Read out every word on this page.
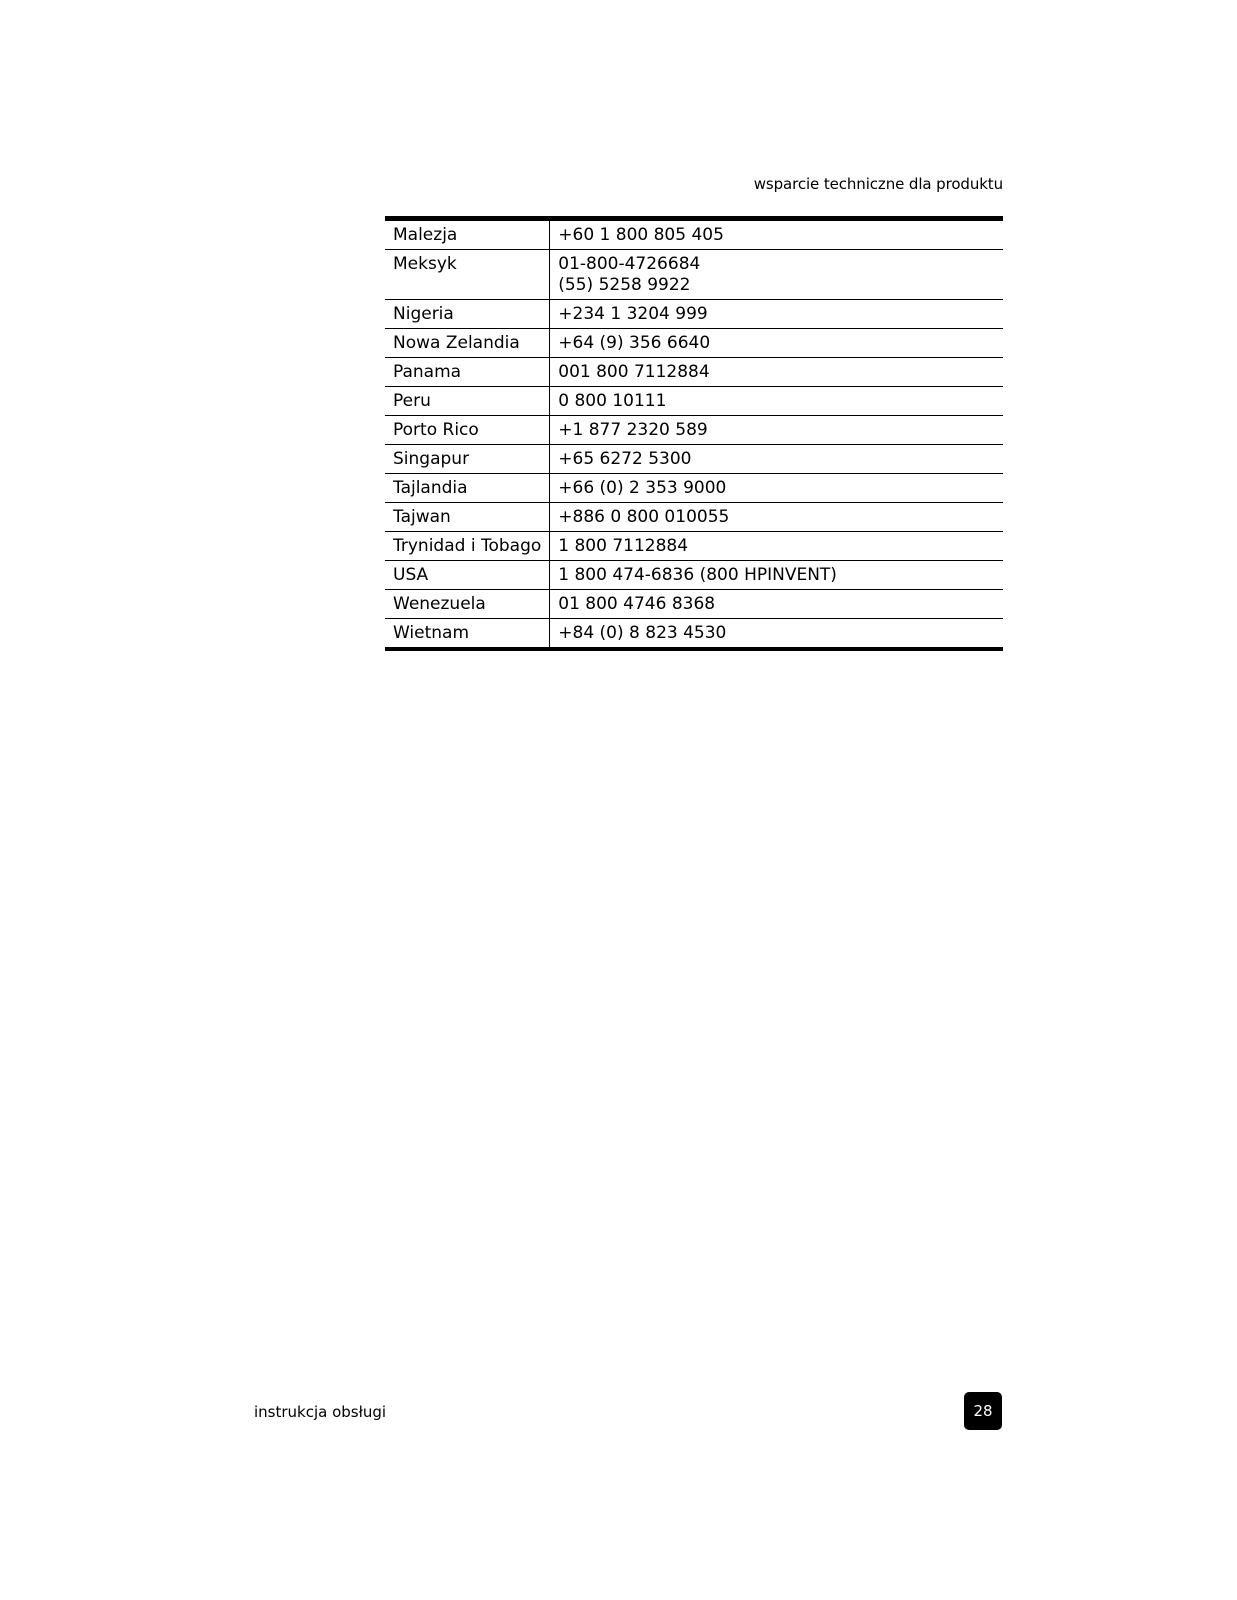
wsparcie techniczne dla produktu
Malezja	+60 1 800 805 405

Meksyk	01-800-4726684
(55) 5258 9922

Nigeria	+234 1 3204 999

Nowa Zelandia	+64 (9) 356 6640

Panama	001 800 7112884

Peru	0 800 10111

Porto Rico	+1 877 2320 589

Singapur	+65 6272 5300

Tajlandia	+66 (0) 2 353 9000

Tajwan	+886 0 800 010055

Trynidad i Tobago	1 800 7112884

USA	1 800 474-6836 (800 HPINVENT)

Wenezuela	01 800 4746 8368

Wietnam	+84 (0) 8 823 4530
instrukcja obsługi	28
